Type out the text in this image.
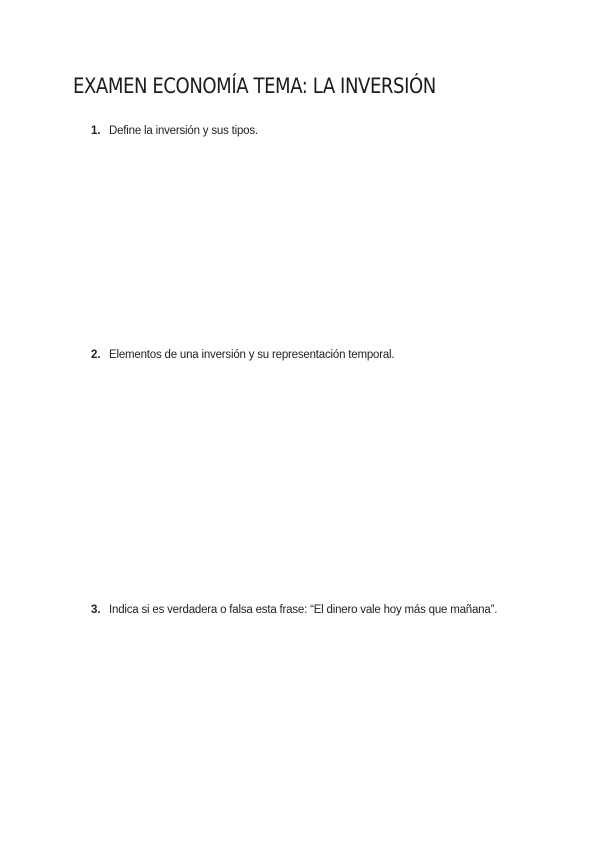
EXAMEN ECONOMÍA TEMA: LA INVERSIÓN
1. Define la inversión y sus tipos.
2. Elementos de una inversión y su representación temporal.
3. Indica si es verdadera o falsa esta frase: “El dinero vale hoy más que mañana”.
